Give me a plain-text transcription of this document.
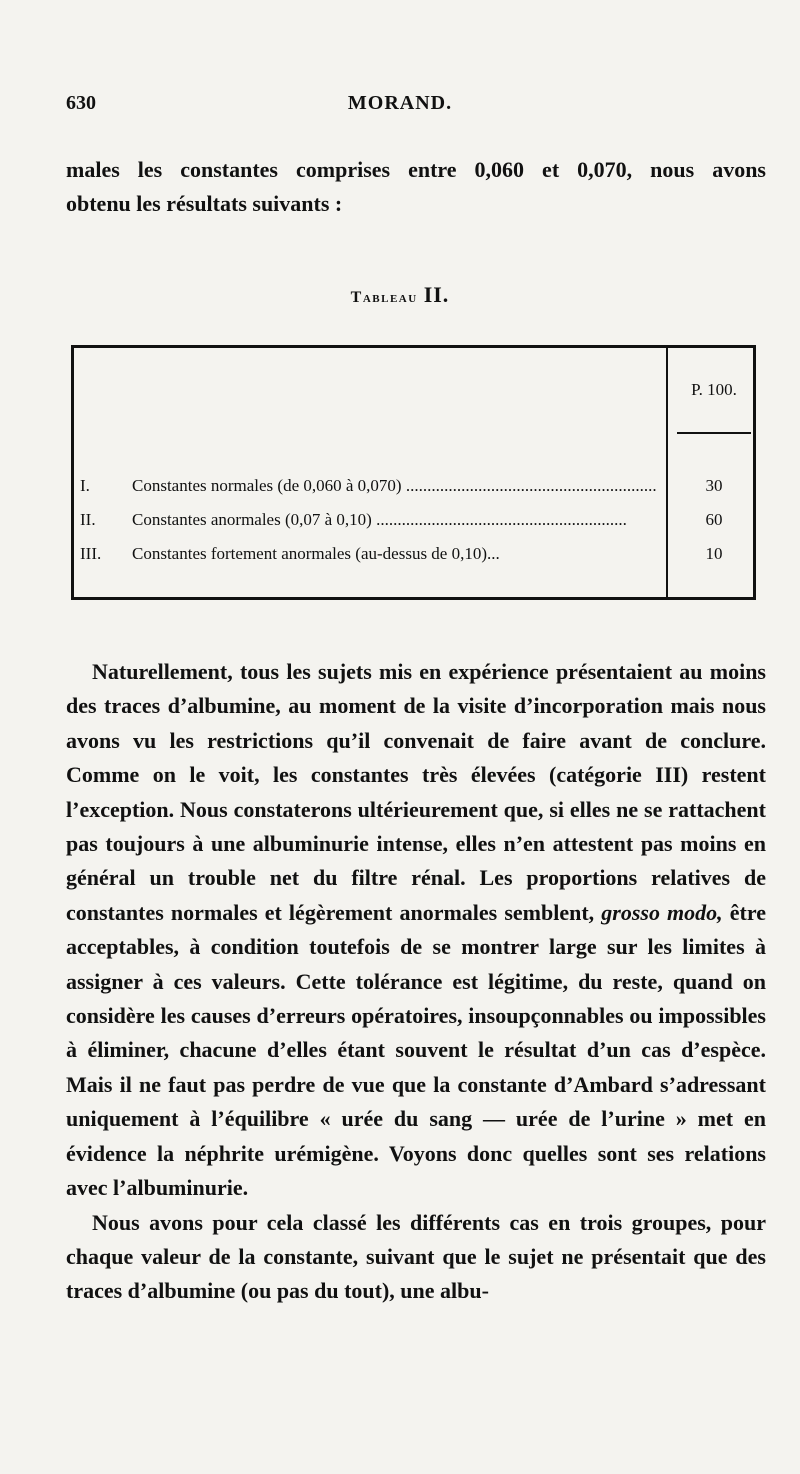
630	MORAND.

males les constantes comprises entre 0,060 et 0,070, nous avons

obtenu les résultats suivants :

Tableau II.
P. 100.
I.	Constantes normales (de 0,060 à 0,070) ...........................................................	30
II.	Constantes anormales (0,07 à 0,10) ...........................................................	60
III.	Constantes fortement anormales (au-dessus de 0,10)...	10

Naturellement, tous les sujets mis en expérience présentaient au moins des traces d’albumine, au moment de la visite d’incorporation mais nous avons vu les restrictions qu’il convenait de faire avant de conclure. Comme on le voit, les constantes très élevées (catégorie III) restent l’exception. Nous constaterons ultérieurement que, si elles ne se rattachent pas toujours à une albuminurie intense, elles n’en attestent pas moins en général un trouble net du filtre rénal. Les proportions relatives de constantes normales et légèrement anormales semblent, grosso modo, être acceptables, à condition toutefois de se montrer large sur les limites à assigner à ces valeurs. Cette tolérance est légitime, du reste, quand on considère les causes d’erreurs opératoires, insoupçonnables ou impossibles à éliminer, chacune d’elles étant souvent le résultat d’un cas d’espèce. Mais il ne faut pas perdre de vue que la constante d’Ambard s’adressant uniquement à l’équilibre « urée du sang — urée de l’urine » met en évidence la néphrite urémigène. Voyons donc quelles sont ses relations avec l’albuminurie.

Nous avons pour cela classé les différents cas en trois groupes, pour chaque valeur de la constante, suivant que le sujet ne présentait que des traces d’albumine (ou pas du tout), une albu-
